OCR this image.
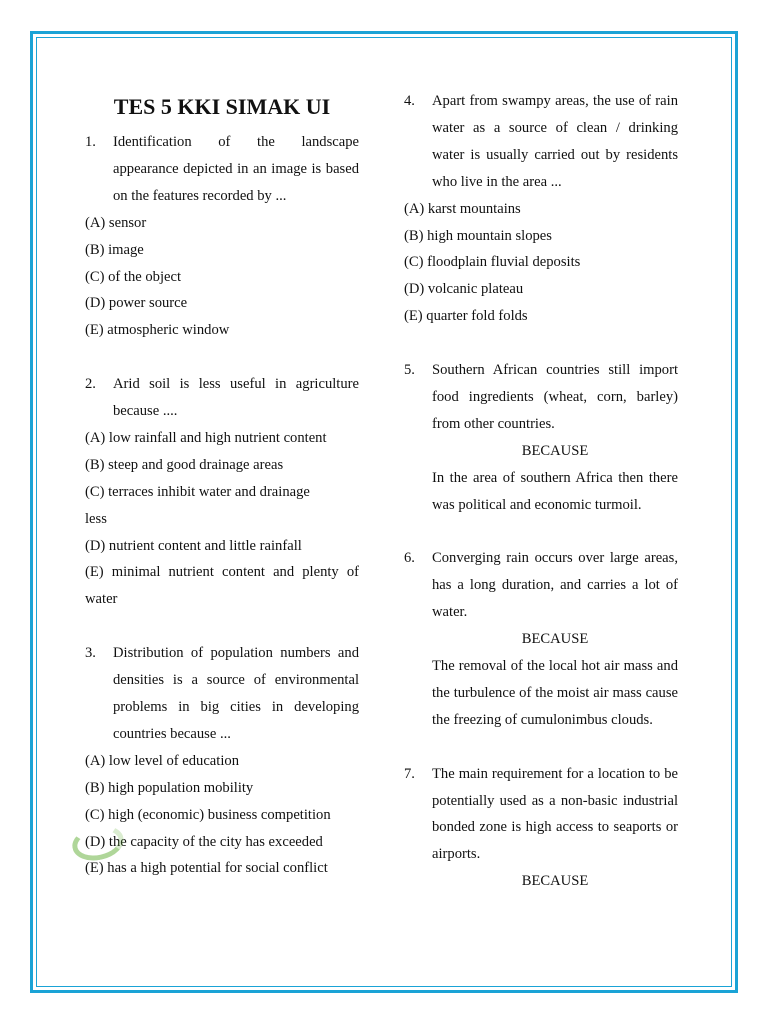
TES 5 KKI SIMAK UI
1.	Identification of the landscape appearance depicted in an image is based on the features recorded by ...
(A) sensor
(B) image
(C) of the object
(D) power source
(E) atmospheric window
2.	Arid soil is less useful in agriculture because ....
(A) low rainfall and high nutrient content
(B) steep and good drainage areas
(C) terraces inhibit water and drainage
less
(D) nutrient content and little rainfall
(E) minimal nutrient content and plenty of water
3.	Distribution of population numbers and densities is a source of environmental problems in big cities in developing countries because ...
(A) low level of education
(B) high population mobility
(C) high (economic) business competition
(D) the capacity of the city has exceeded
(E) has a high potential for social conflict
4.	Apart from swampy areas, the use of rain water as a source of clean / drinking water is usually carried out by residents who live in the area ...
(A) karst mountains
(B) high mountain slopes
(C) floodplain fluvial deposits
(D) volcanic plateau
(E) quarter fold folds
5.	Southern African countries still import food ingredients (wheat, corn, barley) from other countries.
BECAUSE
In the area of southern Africa then there was political and economic turmoil.
6.	Converging rain occurs over large areas, has a long duration, and carries a lot of water.
BECAUSE
The removal of the local hot air mass and the turbulence of the moist air mass cause the freezing of cumulonimbus clouds.
7.	The main requirement for a location to be potentially used as a non-basic industrial bonded zone is high access to seaports or airports.
BECAUSE
